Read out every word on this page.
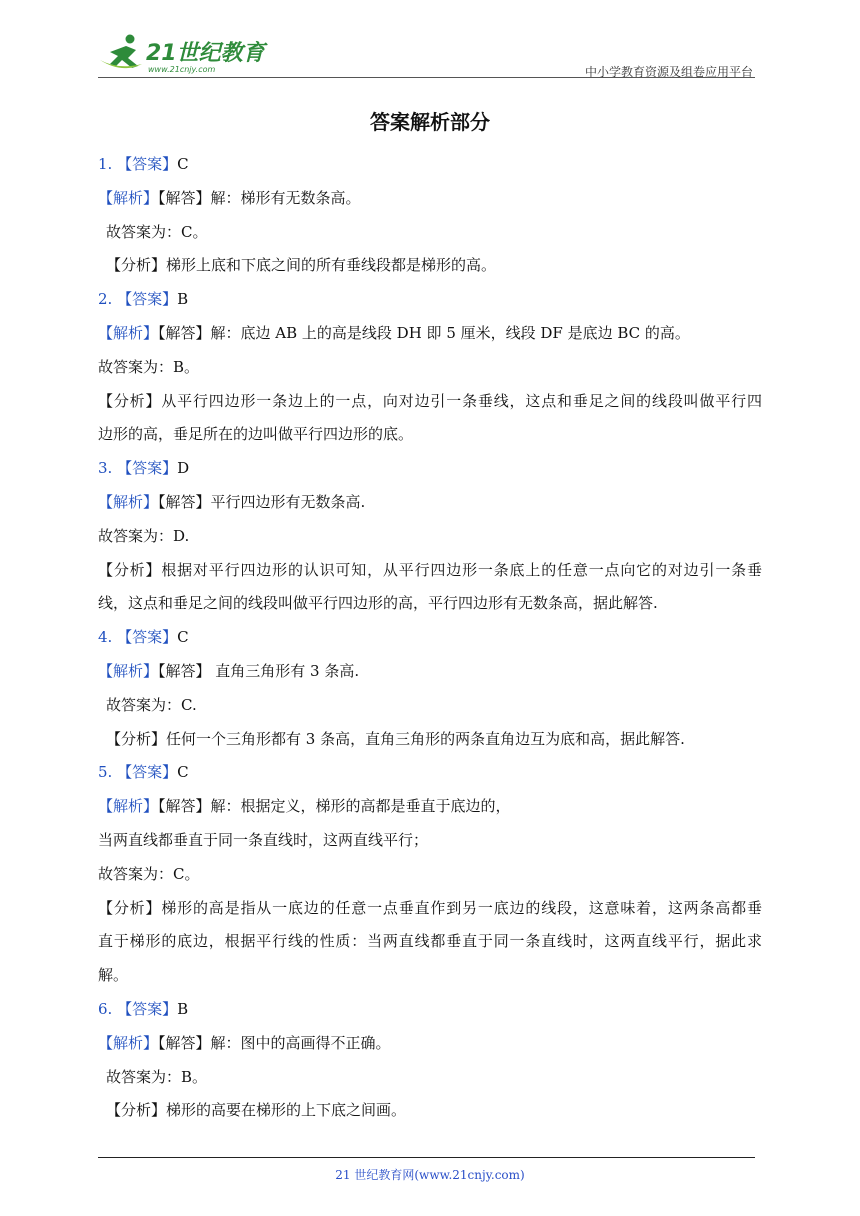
21世纪教育
www.21cnjy.com	中小学教育资源及组卷应用平台
答案解析部分
1. 【答案】C
【解析】【解答】解：梯形有无数条高。
故答案为：C。
【分析】梯形上底和下底之间的所有垂线段都是梯形的高。
2. 【答案】B
【解析】【解答】解：底边 AB 上的高是线段 DH 即 5 厘米，线段 DF 是底边 BC 的高。
故答案为：B。
【分析】从平行四边形一条边上的一点，向对边引一条垂线，这点和垂足之间的线段叫做平行四
边形的高，垂足所在的边叫做平行四边形的底。
3. 【答案】D
【解析】【解答】平行四边形有无数条高.
故答案为：D.
【分析】根据对平行四边形的认识可知，从平行四边形一条底上的任意一点向它的对边引一条垂
线，这点和垂足之间的线段叫做平行四边形的高，平行四边形有无数条高，据此解答.
4. 【答案】C
【解析】【解答】 直角三角形有 3 条高.
故答案为：C.
【分析】任何一个三角形都有 3 条高，直角三角形的两条直角边互为底和高，据此解答.
5. 【答案】C
【解析】【解答】解：根据定义，梯形的高都是垂直于底边的，
当两直线都垂直于同一条直线时，这两直线平行；
故答案为：C。
【分析】梯形的高是指从一底边的任意一点垂直作到另一底边的线段，这意味着，这两条高都垂
直于梯形的底边，根据平行线的性质：当两直线都垂直于同一条直线时，这两直线平行，据此求
解。
6. 【答案】B
【解析】【解答】解：图中的高画得不正确。
故答案为：B。
【分析】梯形的高要在梯形的上下底之间画。
21 世纪教育网(www.21cnjy.com)
